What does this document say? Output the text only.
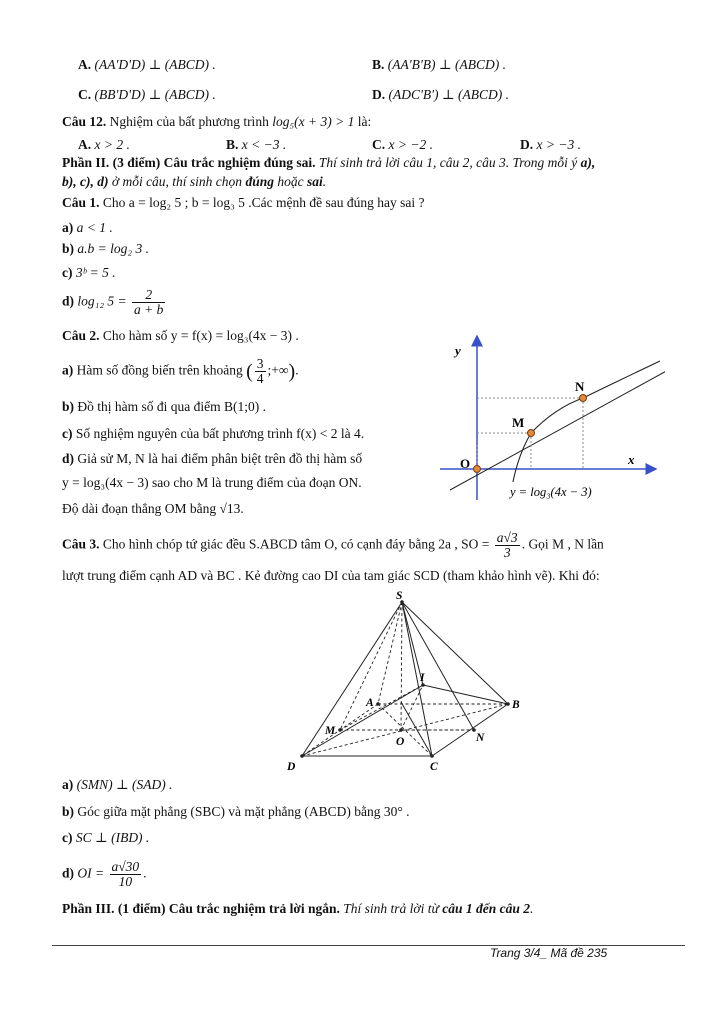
A. (AA'D'D) ⊥ (ABCD) .	B. (AA'B'B) ⊥ (ABCD) .
C. (BB'D'D) ⊥ (ABCD) .	D. (ADC'B') ⊥ (ABCD) .
Câu 12. Nghiệm của bất phương trình log₅(x + 3) > 1 là:
A. x > 2 .	B. x < −3 .	C. x > −2 .	D. x > −3 .
Phần II. (3 điểm) Câu trắc nghiệm đúng sai. Thí sinh trả lời câu 1, câu 2, câu 3. Trong mỗi ý a),
b), c), d) ở mỗi câu, thí sinh chọn đúng hoặc sai.
Câu 1. Cho a = log₂ 5 ; b = log₃ 5 .Các mệnh đề sau đúng hay sai ?
a) a < 1 .
b) a.b = log₂ 3 .
c) 3ᵇ = 5 .
d) log₁₂ $5 = \frac{2}{a + b}$
Câu 2. Cho hàm số y = f(x) = log₃(4x − 3) .
a) Hàm số đồng biến trên khoảng ( $\frac{3}{4}$ ;+∞).
b) Đồ thị hàm số đi qua điểm B(1;0) .
c) Số nghiệm nguyên của bất phương trình f(x) < 2 là 4.
d) Giả sử M, N là hai điểm phân biệt trên đồ thị hàm số
y = log₃(4x − 3) sao cho M là trung điểm của đoạn ON.
Độ dài đoạn thẳng OM bằng √13.
y
x
O
M
N
y = log₃(4x − 3)
Câu 3. Cho hình chóp tứ giác đều S.ABCD tâm O, có cạnh đáy bằng 2a , SO = $\frac{a√3}{3}$ . Gọi M , N lần
lượt trung điểm cạnh AD và BC . Kẻ đường cao DI của tam giác SCD (tham khảo hình vẽ). Khi đó:
S
A	B
C
D
I
O
M
N
a) (SMN) ⊥ (SAD) .
b) Góc giữa mặt phẳng (SBC) và mặt phẳng (ABCD) bằng 30° .
c) SC ⊥ (IBD) .
d) OI = $\frac{a√30}{10}$ .
Phần III. (1 điểm) Câu trắc nghiệm trả lời ngắn. Thí sinh trả lời từ câu 1 đến câu 2.
Trang 3/4_ Mã đề 235
